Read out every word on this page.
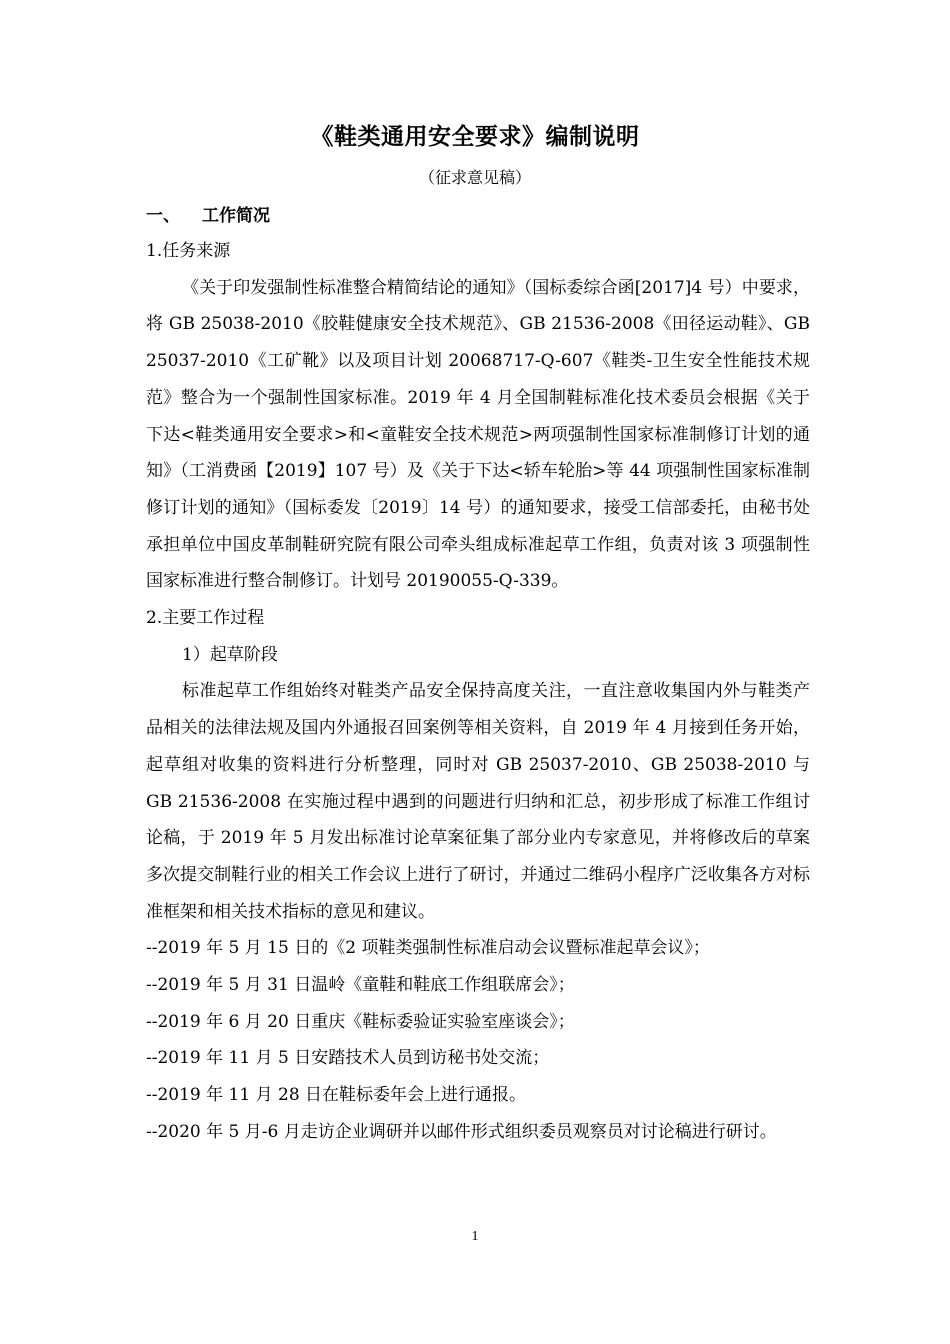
《鞋类通用安全要求》编制说明
（征求意见稿）
一、 工作简况

1.任务来源

《关于印发强制性标准整合精简结论的通知》（国标委综合函[2017]4 号）中要求，将 GB 25038-2010《胶鞋健康安全技术规范》、GB 21536-2008《田径运动鞋》、GB 25037-2010《工矿靴》以及项目计划 20068717-Q-607《鞋类-卫生安全性能技术规范》整合为一个强制性国家标准。2019 年 4 月全国制鞋标准化技术委员会根据《关于下达<鞋类通用安全要求>和<童鞋安全技术规范>两项强制性国家标准制修订计划的通知》（工消费函【2019】107 号）及《关于下达<轿车轮胎>等 44 项强制性国家标准制修订计划的通知》（国标委发〔2019〕14 号）的通知要求，接受工信部委托，由秘书处承担单位中国皮革制鞋研究院有限公司牵头组成标准起草工作组，负责对该 3 项强制性国家标准进行整合制修订。计划号 20190055-Q-339。

2.主要工作过程

1）起草阶段

标准起草工作组始终对鞋类产品安全保持高度关注，一直注意收集国内外与鞋类产品相关的法律法规及国内外通报召回案例等相关资料，自 2019 年 4 月接到任务开始，起草组对收集的资料进行分析整理，同时对 GB 25037-2010、GB 25038-2010 与 GB 21536-2008 在实施过程中遇到的问题进行归纳和汇总，初步形成了标准工作组讨论稿，于 2019 年 5 月发出标准讨论草案征集了部分业内专家意见，并将修改后的草案多次提交制鞋行业的相关工作会议上进行了研讨，并通过二维码小程序广泛收集各方对标准框架和相关技术指标的意见和建议。

--2019 年 5 月 15 日的《2 项鞋类强制性标准启动会议暨标准起草会议》；

--2019 年 5 月 31 日温岭《童鞋和鞋底工作组联席会》；

--2019 年 6 月 20 日重庆《鞋标委验证实验室座谈会》；

--2019 年 11 月 5 日安踏技术人员到访秘书处交流；

--2019 年 11 月 28 日在鞋标委年会上进行通报。

--2020 年 5 月-6 月走访企业调研并以邮件形式组织委员观察员对讨论稿进行研讨。

1
